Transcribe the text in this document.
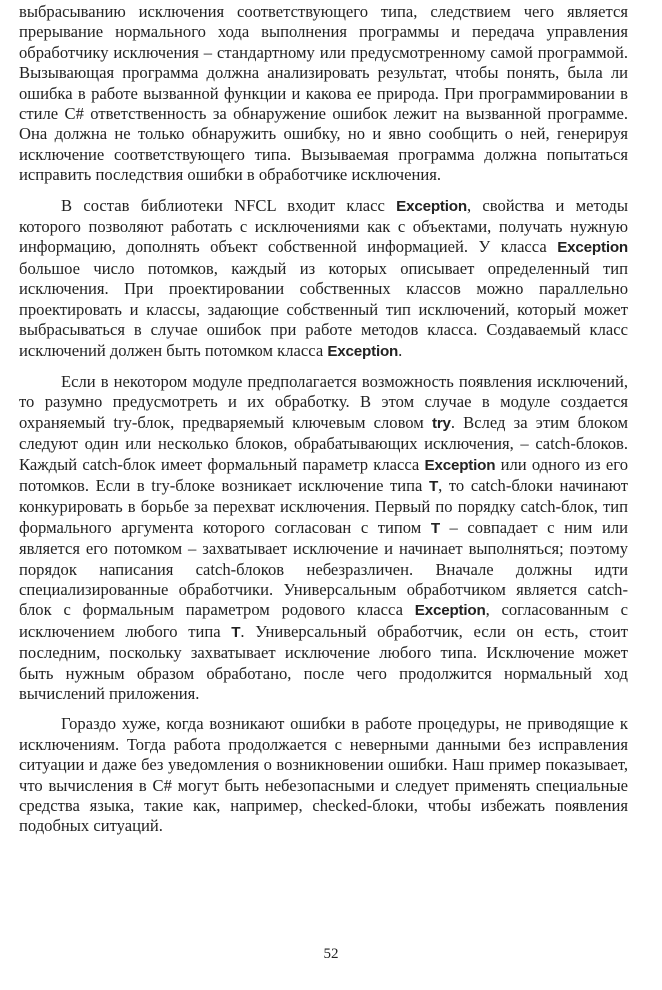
выбрасыванию исключения соответствующего типа, следствием чего является прерывание нормального хода выполнения программы и передача управления обработчику исключения – стандартному или предусмотренному самой программой. Вызывающая программа должна анализировать результат, чтобы понять, была ли ошибка в работе вызванной функции и какова ее природа. При программировании в стиле C# ответственность за обнаружение ошибок лежит на вызванной программе. Она должна не только обнаружить ошибку, но и явно сообщить о ней, генерируя исключение соответствующего типа. Вызываемая программа должна попытаться исправить последствия ошибки в обработчике исключения.

В состав библиотеки NFCL входит класс Exception, свойства и методы которого позволяют работать с исключениями как с объектами, получать нужную информацию, дополнять объект собственной информацией. У класса Exception большое число потомков, каждый из которых описывает определенный тип исключения. При проектировании собственных классов можно параллельно проектировать и классы, задающие собственный тип исключений, который может выбрасываться в случае ошибок при работе методов класса. Создаваемый класс исключений должен быть потомком класса Exception.

Если в некотором модуле предполагается возможность появления исключений, то разумно предусмотреть и их обработку. В этом случае в модуле создается охраняемый try-блок, предваряемый ключевым словом try. Вслед за этим блоком следуют один или несколько блоков, обрабатывающих исключения, – catch-блоков. Каждый catch-блок имеет формальный параметр класса Exception или одного из его потомков. Если в try-блоке возникает исключение типа T, то catch-блоки начинают конкурировать в борьбе за перехват исключения. Первый по порядку catch-блок, тип формального аргумента которого согласован с типом T – совпадает с ним или является его потомком – захватывает исключение и начинает выполняться; поэтому порядок написания catch-блоков небезразличен. Вначале должны идти специализированные обработчики. Универсальным обработчиком является catch-блок с формальным параметром родового класса Exception, согласованным с исключением любого типа T. Универсальный обработчик, если он есть, стоит последним, поскольку захватывает исключение любого типа. Исключение может быть нужным образом обработано, после чего продолжится нормальный ход вычислений приложения.

Гораздо хуже, когда возникают ошибки в работе процедуры, не приводящие к исключениям. Тогда работа продолжается с неверными данными без исправления ситуации и даже без уведомления о возникновении ошибки. Наш пример показывает, что вычисления в C# могут быть небезопасными и следует применять специальные средства языка, такие как, например, checked-блоки, чтобы избежать появления подобных ситуаций.

52
